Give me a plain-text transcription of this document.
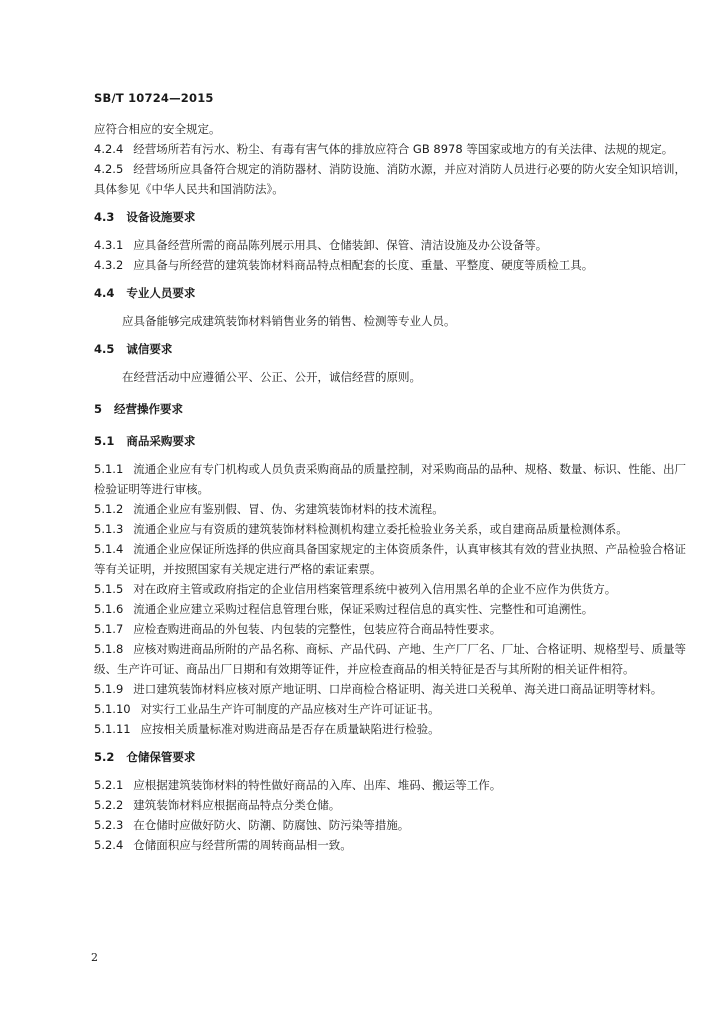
SB/T 10724—2015

应符合相应的安全规定。

4.2.4 经营场所若有污水、粉尘、有毒有害气体的排放应符合 GB 8978 等国家或地方的有关法律、法规的规定。

4.2.5 经营场所应具备符合规定的消防器材、消防设施、消防水源，并应对消防人员进行必要的防火安全知识培训，具体参见《中华人民共和国消防法》。

4.3 设备设施要求

4.3.1 应具备经营所需的商品陈列展示用具、仓储装卸、保管、清洁设施及办公设备等。

4.3.2 应具备与所经营的建筑装饰材料商品特点相配套的长度、重量、平整度、硬度等质检工具。

4.4 专业人员要求

应具备能够完成建筑装饰材料销售业务的销售、检测等专业人员。

4.5 诚信要求

在经营活动中应遵循公平、公正、公开，诚信经营的原则。

5 经营操作要求

5.1 商品采购要求

5.1.1 流通企业应有专门机构或人员负责采购商品的质量控制，对采购商品的品种、规格、数量、标识、性能、出厂检验证明等进行审核。

5.1.2 流通企业应有鉴别假、冒、伪、劣建筑装饰材料的技术流程。

5.1.3 流通企业应与有资质的建筑装饰材料检测机构建立委托检验业务关系，或自建商品质量检测体系。

5.1.4 流通企业应保证所选择的供应商具备国家规定的主体资质条件，认真审核其有效的营业执照、产品检验合格证等有关证明，并按照国家有关规定进行严格的索证索票。

5.1.5 对在政府主管或政府指定的企业信用档案管理系统中被列入信用黑名单的企业不应作为供货方。

5.1.6 流通企业应建立采购过程信息管理台账，保证采购过程信息的真实性、完整性和可追溯性。

5.1.7 应检查购进商品的外包装、内包装的完整性，包装应符合商品特性要求。

5.1.8 应核对购进商品所附的产品名称、商标、产品代码、产地、生产厂厂名、厂址、合格证明、规格型号、质量等级、生产许可证、商品出厂日期和有效期等证件，并应检查商品的相关特征是否与其所附的相关证件相符。

5.1.9 进口建筑装饰材料应核对原产地证明、口岸商检合格证明、海关进口关税单、海关进口商品证明等材料。

5.1.10 对实行工业品生产许可制度的产品应核对生产许可证证书。

5.1.11 应按相关质量标准对购进商品是否存在质量缺陷进行检验。

5.2 仓储保管要求

5.2.1 应根据建筑装饰材料的特性做好商品的入库、出库、堆码、搬运等工作。

5.2.2 建筑装饰材料应根据商品特点分类仓储。

5.2.3 在仓储时应做好防火、防潮、防腐蚀、防污染等措施。

5.2.4 仓储面积应与经营所需的周转商品相一致。

2
